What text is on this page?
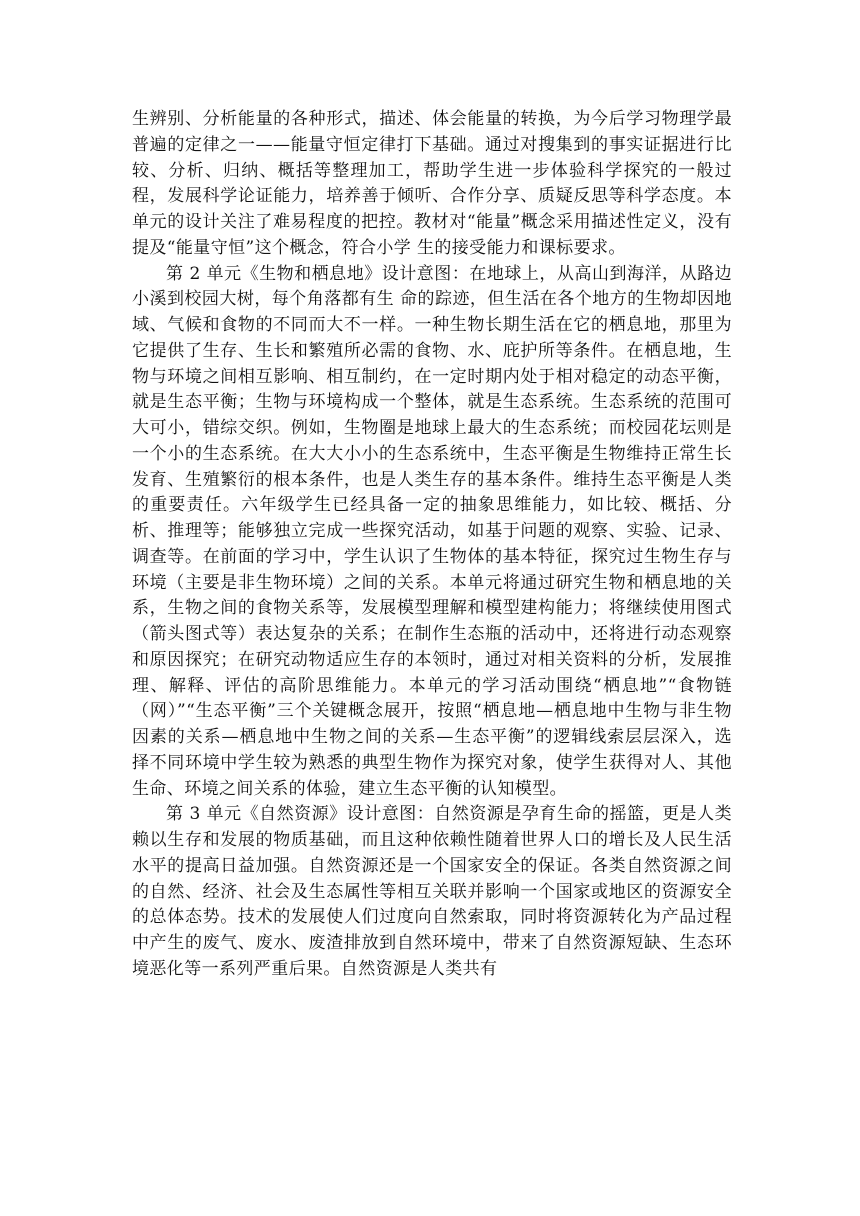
生辨别、分析能量的各种形式，描述、体会能量的转换，为今后学习物理学最普遍的定律之一——能量守恒定律打下基础。通过对搜集到的事实证据进行比较、分析、归纳、概括等整理加工，帮助学生进一步体验科学探究的一般过程，发展科学论证能力，培养善于倾听、合作分享、质疑反思等科学态度。本单元的设计关注了难易程度的把控。教材对“能量”概念采用描述性定义，没有提及“能量守恒”这个概念，符合小学 生的接受能力和课标要求。

第 2 单元《生物和栖息地》设计意图：在地球上，从高山到海洋，从路边小溪到校园大树，每个角落都有生 命的踪迹，但生活在各个地方的生物却因地域、气候和食物的不同而大不一样。一种生物长期生活在它的栖息地，那里为它提供了生存、生长和繁殖所必需的食物、水、庇护所等条件。在栖息地，生物与环境之间相互影响、相互制约，在一定时期内处于相对稳定的动态平衡，就是生态平衡；生物与环境构成一个整体，就是生态系统。生态系统的范围可大可小，错综交织。例如，生物圈是地球上最大的生态系统；而校园花坛则是一个小的生态系统。在大大小小的生态系统中，生态平衡是生物维持正常生长发育、生殖繁衍的根本条件，也是人类生存的基本条件。维持生态平衡是人类的重要责任。六年级学生已经具备一定的抽象思维能力，如比较、概括、分析、推理等；能够独立完成一些探究活动，如基于问题的观察、实验、记录、调查等。在前面的学习中，学生认识了生物体的基本特征，探究过生物生存与环境（主要是非生物环境）之间的关系。本单元将通过研究生物和栖息地的关系，生物之间的食物关系等，发展模型理解和模型建构能力；将继续使用图式（箭头图式等）表达复杂的关系；在制作生态瓶的活动中，还将进行动态观察和原因探究；在研究动物适应生存的本领时，通过对相关资料的分析，发展推理、解释、评估的高阶思维能力。本单元的学习活动围绕“栖息地”“食物链（网）”“生态平衡”三个关键概念展开，按照“栖息地—栖息地中生物与非生物因素的关系—栖息地中生物之间的关系—生态平衡”的逻辑线索层层深入，选择不同环境中学生较为熟悉的典型生物作为探究对象，使学生获得对人、其他生命、环境之间关系的体验，建立生态平衡的认知模型。

第 3 单元《自然资源》设计意图：自然资源是孕育生命的摇篮，更是人类赖以生存和发展的物质基础，而且这种依赖性随着世界人口的增长及人民生活水平的提高日益加强。自然资源还是一个国家安全的保证。各类自然资源之间的自然、经济、社会及生态属性等相互关联并影响一个国家或地区的资源安全的总体态势。技术的发展使人们过度向自然索取，同时将资源转化为产品过程中产生的废气、废水、废渣排放到自然环境中，带来了自然资源短缺、生态环境恶化等一系列严重后果。自然资源是人类共有
